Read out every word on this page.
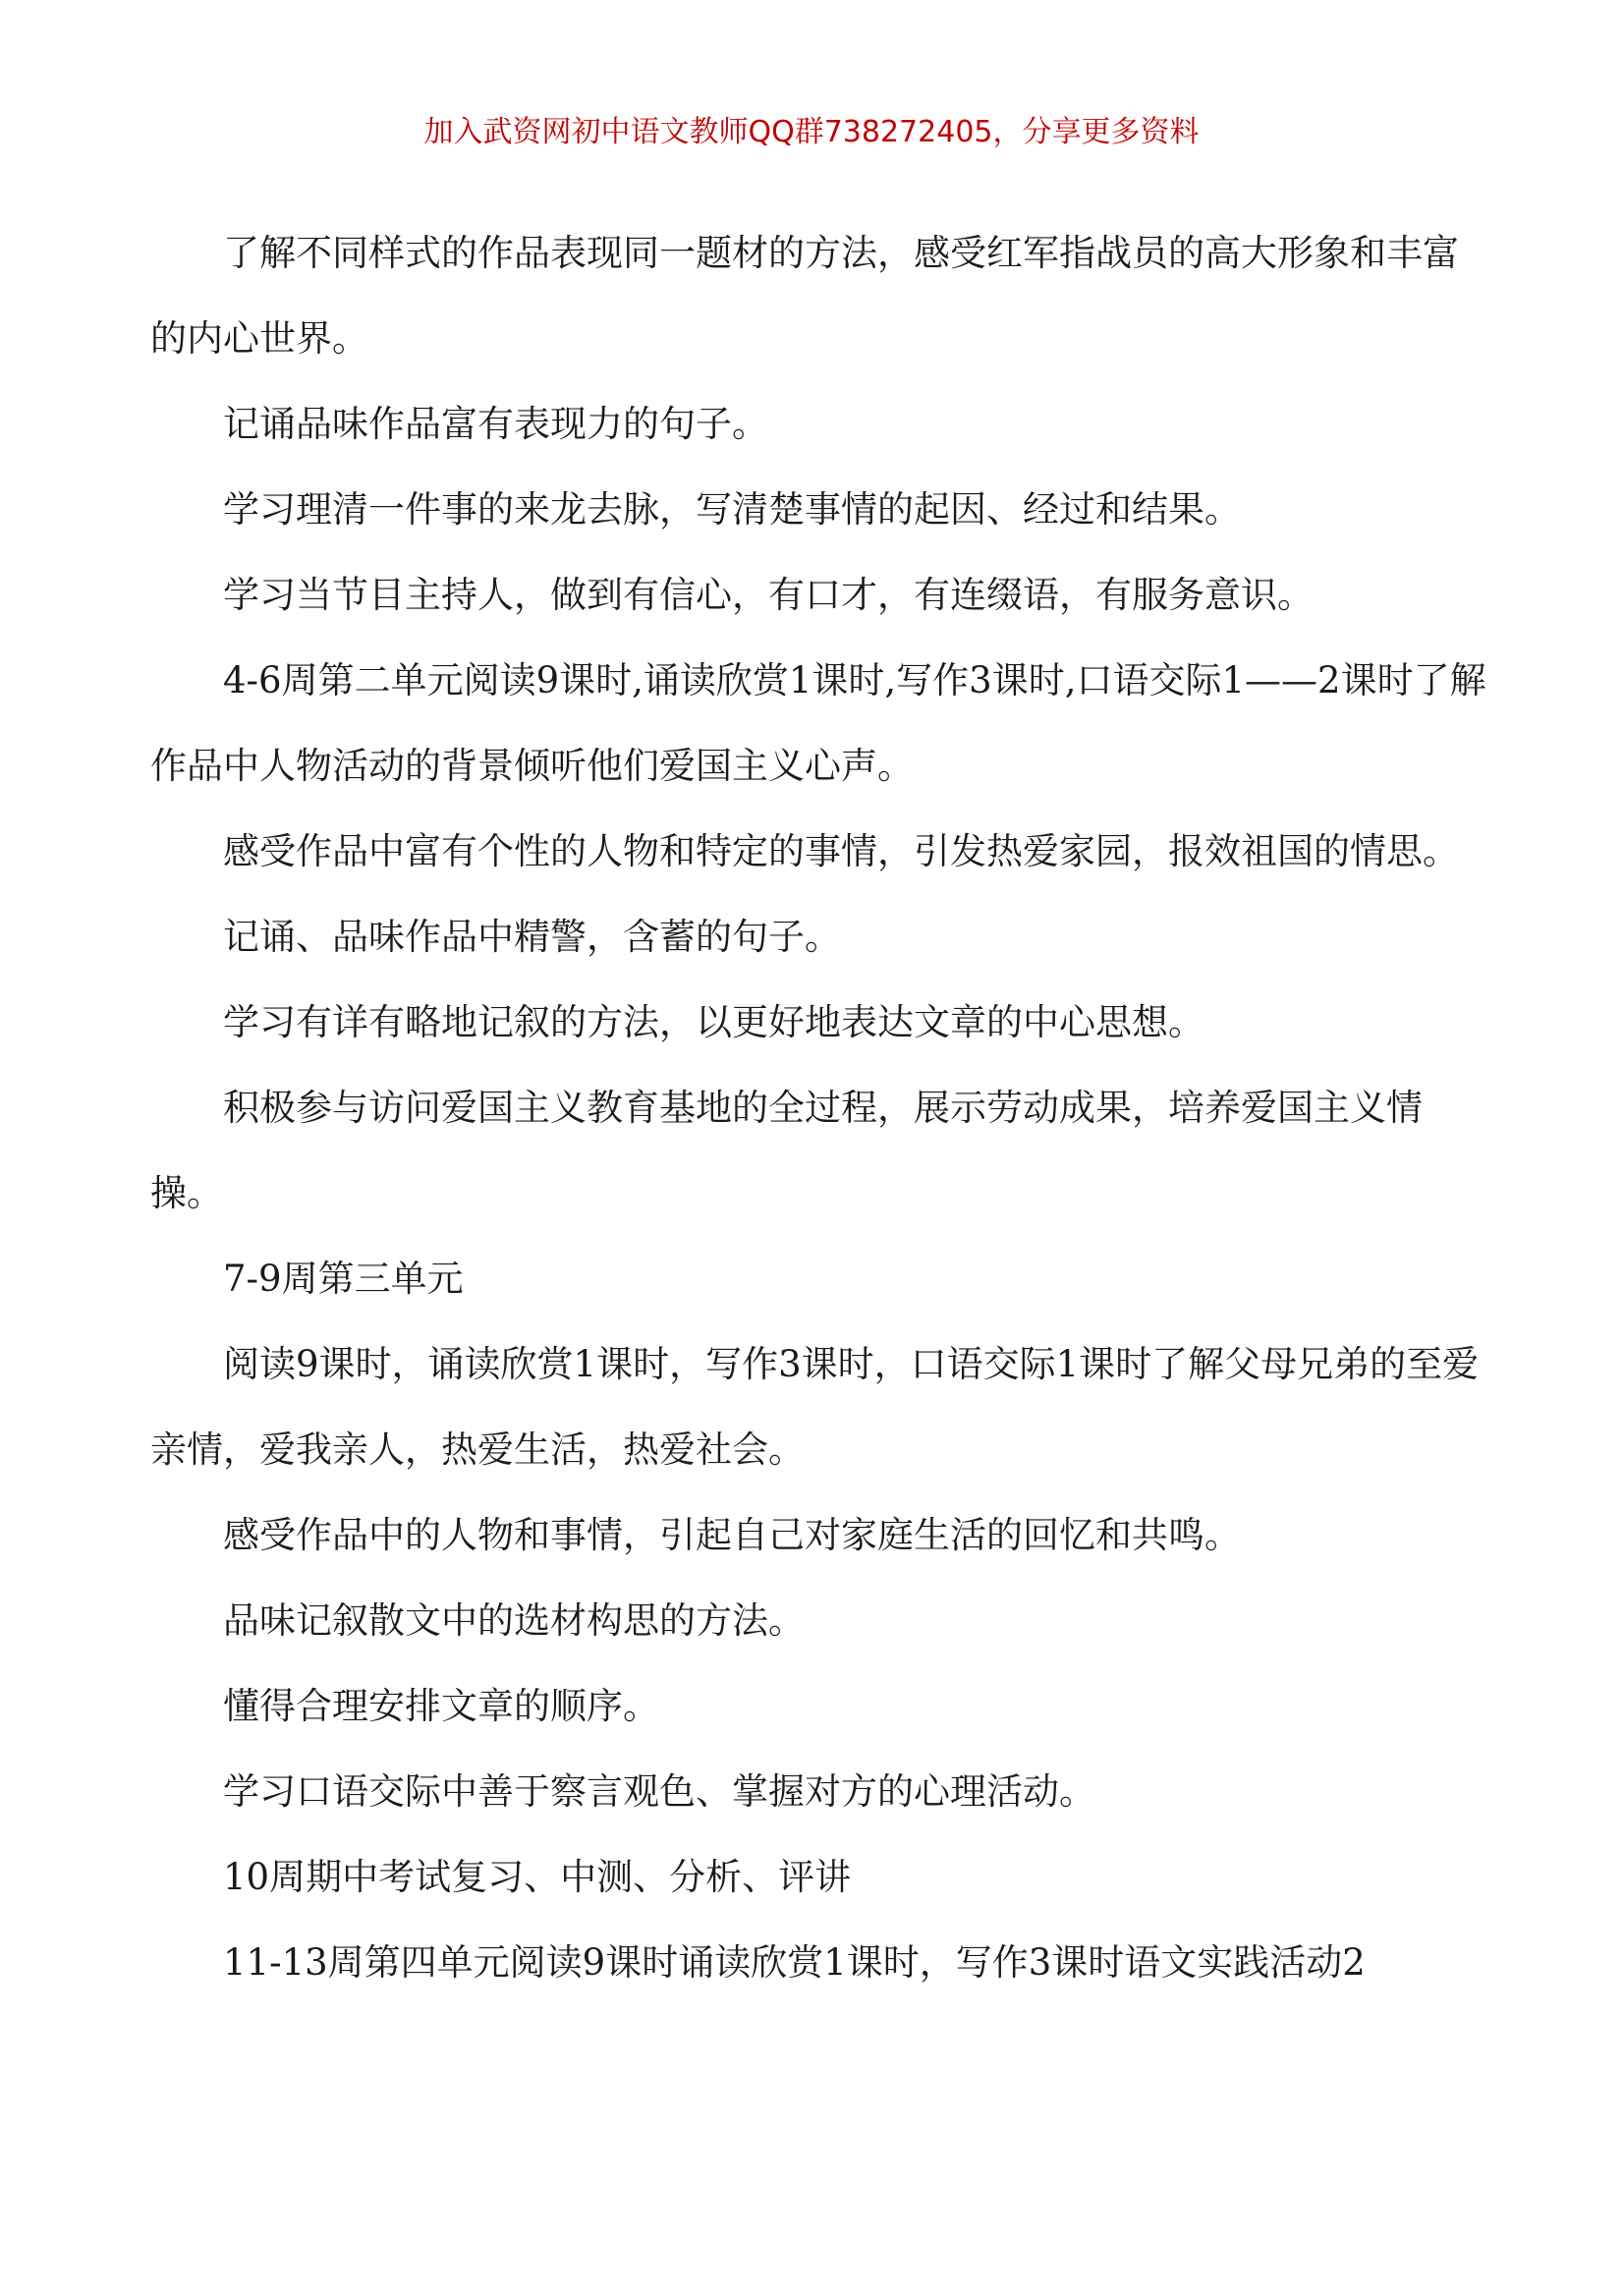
加入武资网初中语文教师QQ群738272405，分享更多资料

了解不同样式的作品表现同一题材的方法，感受红军指战员的高大形象和丰富的内心世界。

记诵品味作品富有表现力的句子。

学习理清一件事的来龙去脉，写清楚事情的起因、经过和结果。

学习当节目主持人，做到有信心，有口才，有连缀语，有服务意识。

4-6周第二单元阅读9课时,诵读欣赏1课时,写作3课时,口语交际1——2课时了解作品中人物活动的背景倾听他们爱国主义心声。

感受作品中富有个性的人物和特定的事情，引发热爱家园，报效祖国的情思。

记诵、品味作品中精警，含蓄的句子。

学习有详有略地记叙的方法，以更好地表达文章的中心思想。

积极参与访问爱国主义教育基地的全过程，展示劳动成果，培养爱国主义情操。

7-9周第三单元

阅读9课时，诵读欣赏1课时，写作3课时，口语交际1课时了解父母兄弟的至爱亲情，爱我亲人，热爱生活，热爱社会。

感受作品中的人物和事情，引起自己对家庭生活的回忆和共鸣。

品味记叙散文中的选材构思的方法。

懂得合理安排文章的顺序。

学习口语交际中善于察言观色、掌握对方的心理活动。

10周期中考试复习、中测、分析、评讲

11-13周第四单元阅读9课时诵读欣赏1课时，写作3课时语文实践活动2
